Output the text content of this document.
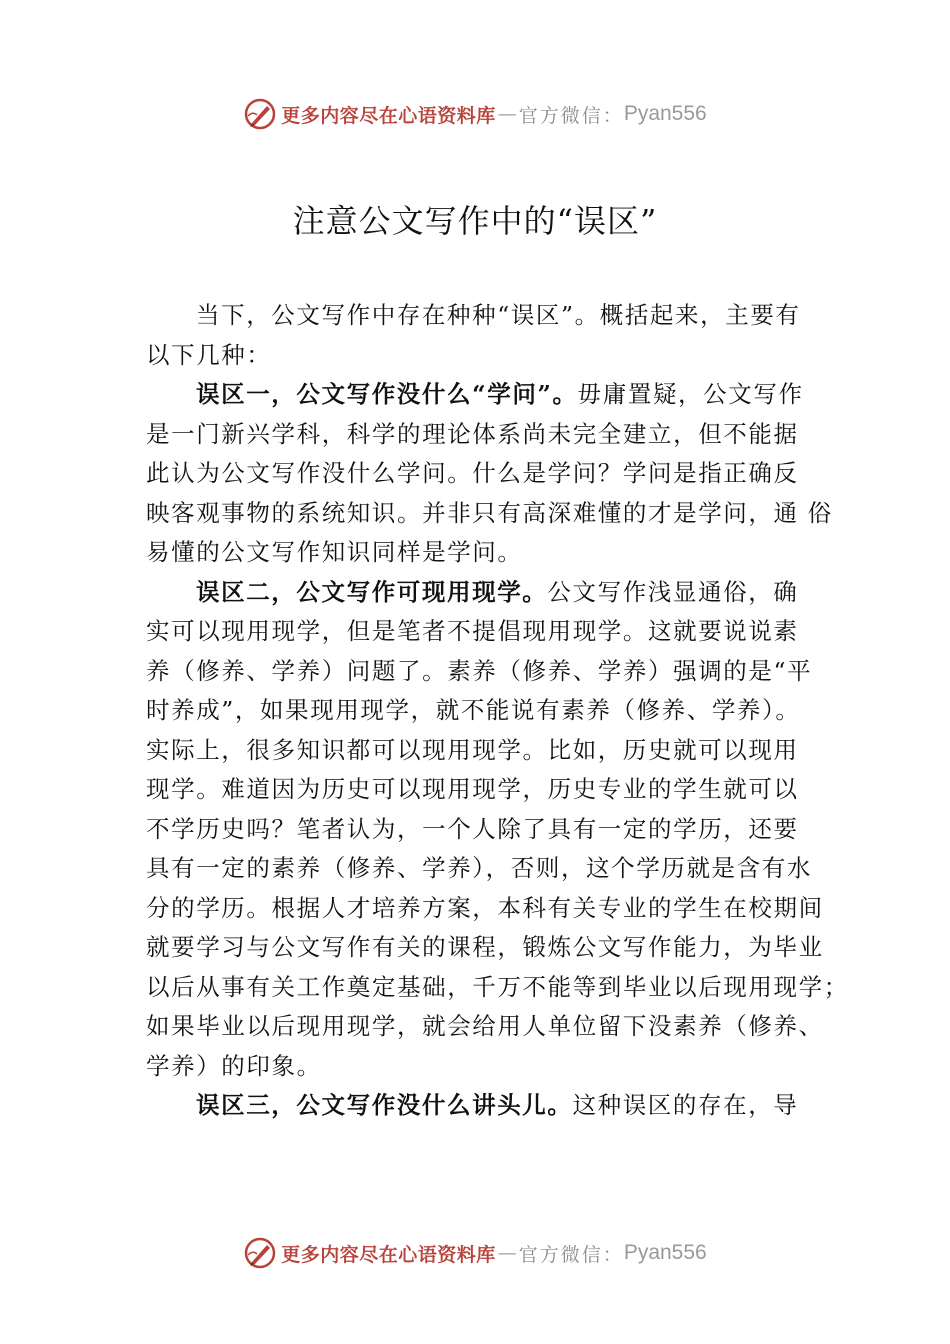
更多内容尽在心语资料库 — 官方微信： Pyan556
注意公文写作中的“误区”
当下，公文写作中存在种种“误区”。概括起来，主要有
以下几种：
误区一，公文写作没什么“学问”。毋庸置疑，公文写作
是一门新兴学科，科学的理论体系尚未完全建立，但不能据
此认为公文写作没什么学问。什么是学问？学问是指正确反
映客观事物的系统知识。并非只有高深难懂的才是学问，通 俗
易懂的公文写作知识同样是学问。
误区二，公文写作可现用现学。公文写作浅显通俗，确
实可以现用现学，但是笔者不提倡现用现学。这就要说说素
养（修养、学养）问题了。素养（修养、学养）强调的是“平
时养成”，如果现用现学，就不能说有素养（修养、学养）。
实际上，很多知识都可以现用现学。比如，历史就可以现用
现学。难道因为历史可以现用现学，历史专业的学生就可以
不学历史吗？笔者认为，一个人除了具有一定的学历，还要
具有一定的素养（修养、学养），否则，这个学历就是含有水
分的学历。根据人才培养方案，本科有关专业的学生在校期间
就要学习与公文写作有关的课程，锻炼公文写作能力，为毕业
以后从事有关工作奠定基础，千万不能等到毕业以后现用现学；
如果毕业以后现用现学，就会给用人单位留下没素养（修养、
学养）的印象。
误区三，公文写作没什么讲头儿。这种误区的存在，导
更多内容尽在心语资料库 — 官方微信： Pyan556
